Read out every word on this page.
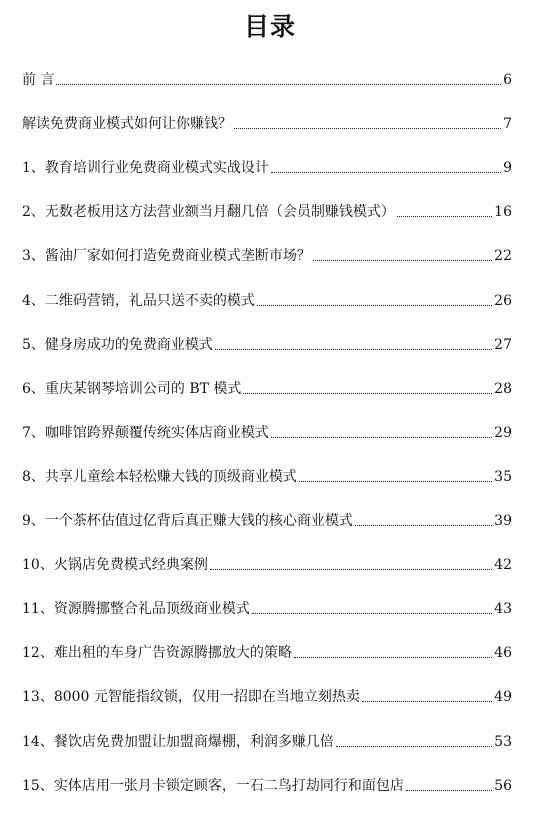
目录
前 言	6
解读免费商业模式如何让你赚钱？	7
1、教育培训行业免费商业模式实战设计	9
2、无数老板用这方法营业额当月翻几倍（会员制赚钱模式）	16
3、酱油厂家如何打造免费商业模式垄断市场？	22
4、二维码营销，礼品只送不卖的模式	26
5、健身房成功的免费商业模式	27
6、重庆某钢琴培训公司的 BT 模式	28
7、咖啡馆跨界颠覆传统实体店商业模式	29
8、共享儿童绘本轻松赚大钱的顶级商业模式	35
9、一个茶杯估值过亿背后真正赚大钱的核心商业模式	39
10、火锅店免费模式经典案例	42
11、资源腾挪整合礼品顶级商业模式	43
12、难出租的车身广告资源腾挪放大的策略	46
13、8000 元智能指纹锁，仅用一招即在当地立刻热卖	49
14、餐饮店免费加盟让加盟商爆棚，利润多赚几倍	53
15、实体店用一张月卡锁定顾客，一石二鸟打劫同行和面包店	56
